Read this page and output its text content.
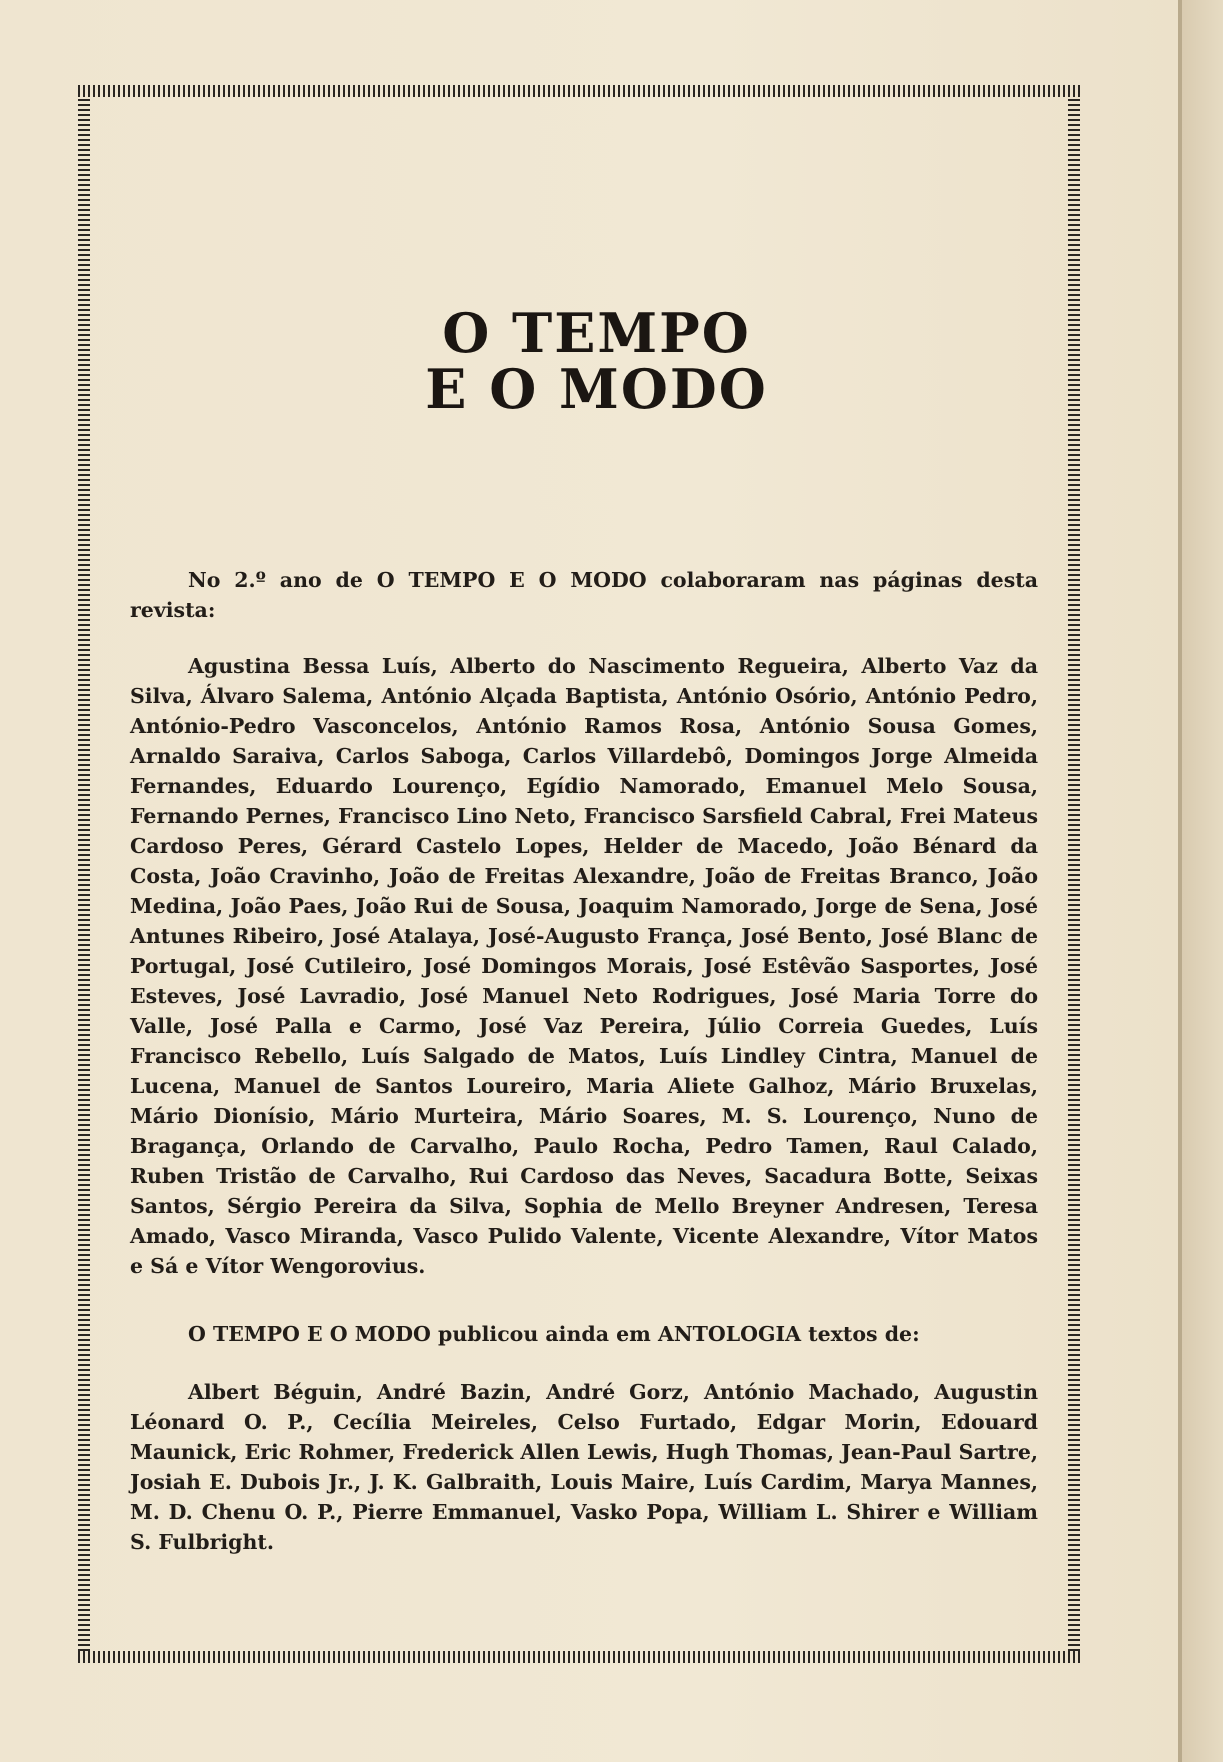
O TEMPO
E O MODO

No 2.º ano de O TEMPO E O MODO colaboraram nas páginas desta revista:

Agustina Bessa Luís, Alberto do Nascimento Regueira, Alberto Vaz da Silva, Álvaro Salema, António Alçada Baptista, António Osório, António Pedro, António-Pedro Vasconcelos, António Ramos Rosa, António Sousa Gomes, Arnaldo Saraiva, Carlos Saboga, Carlos Villardebô, Domingos Jorge Almeida Fernandes, Eduardo Lourenço, Egídio Namorado, Emanuel Melo Sousa, Fernando Pernes, Francisco Lino Neto, Francisco Sarsfield Cabral, Frei Mateus Cardoso Peres, Gérard Castelo Lopes, Helder de Macedo, João Bénard da Costa, João Cravinho, João de Freitas Alexandre, João de Freitas Branco, João Medina, João Paes, João Rui de Sousa, Joaquim Namorado, Jorge de Sena, José Antunes Ribeiro, José Atalaya, José-Augusto França, José Bento, José Blanc de Portugal, José Cutileiro, José Domingos Morais, José Estêvão Sasportes, José Esteves, José Lavradio, José Manuel Neto Rodrigues, José Maria Torre do Valle, José Palla e Carmo, José Vaz Pereira, Júlio Correia Guedes, Luís Francisco Rebello, Luís Salgado de Matos, Luís Lindley Cintra, Manuel de Lucena, Manuel de Santos Loureiro, Maria Aliete Galhoz, Mário Bruxelas, Mário Dionísio, Mário Murteira, Mário Soares, M. S. Lourenço, Nuno de Bragança, Orlando de Carvalho, Paulo Rocha, Pedro Tamen, Raul Calado, Ruben Tristão de Carvalho, Rui Cardoso das Neves, Sacadura Botte, Seixas Santos, Sérgio Pereira da Silva, Sophia de Mello Breyner Andresen, Teresa Amado, Vasco Miranda, Vasco Pulido Valente, Vicente Alexandre, Vítor Matos e Sá e Vítor Wengorovius.

O TEMPO E O MODO publicou ainda em ANTOLOGIA textos de:

Albert Béguin, André Bazin, André Gorz, António Machado, Augustin Léonard O. P., Cecília Meireles, Celso Furtado, Edgar Morin, Edouard Maunick, Eric Rohmer, Frederick Allen Lewis, Hugh Thomas, Jean-Paul Sartre, Josiah E. Dubois Jr., J. K. Galbraith, Louis Maire, Luís Cardim, Marya Mannes, M. D. Chenu O. P., Pierre Emmanuel, Vasko Popa, William L. Shirer e William S. Fulbright.
